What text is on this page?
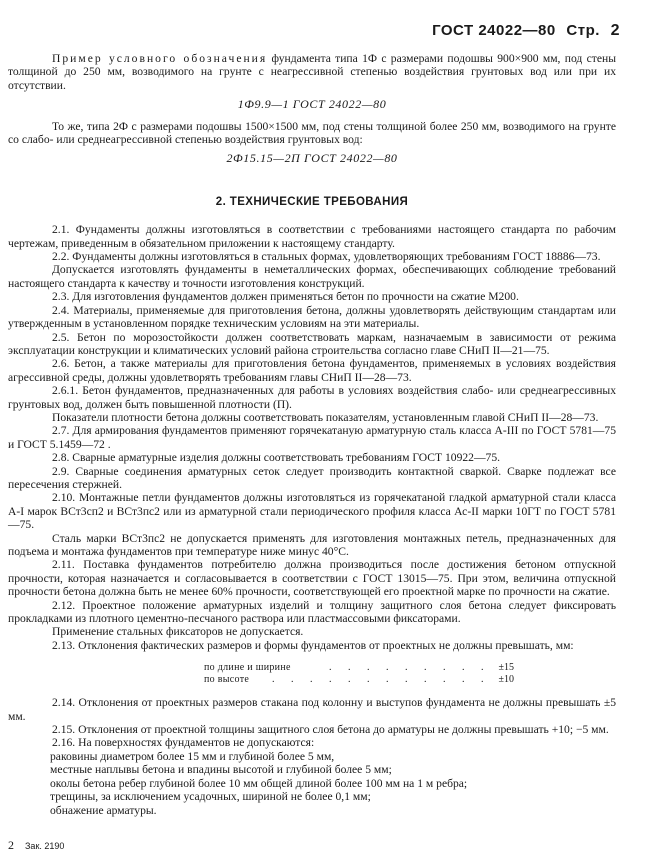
ГОСТ 24022—80 Стр. 2

Пример условного обозначения фундамента типа 1Ф с размерами подошвы 900×900 мм, под стены толщиной до 250 мм, возводимого на грунте с неагрессивной степенью воздействия грунтовых вод или при их отсутствии.

1Ф9.9—1 ГОСТ 24022—80

То же, типа 2Ф с размерами подошвы 1500×1500 мм, под стены толщиной более 250 мм, возводимого на грунте со слабо- или среднеагрессивной степенью воздействия грунтовых вод:

2Ф15.15—2П ГОСТ 24022—80
2. ТЕХНИЧЕСКИЕ ТРЕБОВАНИЯ

2.1. Фундаменты должны изготовляться в соответствии с требованиями настоящего стандарта по рабочим чертежам, приведенным в обязательном приложении к настоящему стандарту.

2.2. Фундаменты должны изготовляться в стальных формах, удовлетворяющих требованиям ГОСТ 18886—73.

Допускается изготовлять фундаменты в неметаллических формах, обеспечивающих соблюдение требований настоящего стандарта к качеству и точности изготовления конструкций.

2.3. Для изготовления фундаментов должен применяться бетон по прочности на сжатие М200.

2.4. Материалы, применяемые для приготовления бетона, должны удовлетворять действующим стандартам или утвержденным в установленном порядке техническим условиям на эти материалы.

2.5. Бетон по морозостойкости должен соответствовать маркам, назначаемым в зависимости от режима эксплуатации конструкции и климатических условий района строительства согласно главе СНиП II—21—75.

2.6. Бетон, а также материалы для приготовления бетона фундаментов, применяемых в условиях воздействия агрессивной среды, должны удовлетворять требованиям главы СНиП II—28—73.

2.6.1. Бетон фундаментов, предназначенных для работы в условиях воздействия слабо- или среднеагрессивных грунтовых вод, должен быть повышенной плотности (П).

Показатели плотности бетона должны соответствовать показателям, установленным главой СНиП II—28—73.

2.7. Для армирования фундаментов применяют горячекатаную арматурную сталь класса А-III по ГОСТ 5781—75 и ГОСТ 5.1459—72 .

2.8. Сварные арматурные изделия должны соответствовать требованиям ГОСТ 10922—75.

2.9. Сварные соединения арматурных сеток следует производить контактной сваркой. Сварке подлежат все пересечения стержней.

2.10. Монтажные петли фундаментов должны изготовляться из горячекатаной гладкой арматурной стали класса А-I марок ВСт3сп2 и ВСт3пс2 или из арматурной стали периодического профиля класса Ас-II марки 10ГТ по ГОСТ 5781—75.

Сталь марки ВСт3пс2 не допускается применять для изготовления монтажных петель, предназначенных для подъема и монтажа фундаментов при температуре ниже минус 40°С.

2.11. Поставка фундаментов потребителю должна производиться после достижения бетоном отпускной прочности, которая назначается и согласовывается в соответствии с ГОСТ 13015—75. При этом, величина отпускной прочности бетона должна быть не менее 60% прочности, соответствующей его проектной марке по прочности на сжатие.

2.12. Проектное положение арматурных изделий и толщину защитного слоя бетона следует фиксировать прокладками из плотного цементно-песчаного раствора или пластмассовыми фиксаторами.

Применение стальных фиксаторов не допускается.

2.13. Отклонения фактических размеров и формы фундаментов от проектных не должны превышать, мм:

по длине и ширине	. . . . . . . . . ±15
по высоте	. . . . . . . . . . . . ±10

2.14. Отклонения от проектных размеров стакана под колонну и выступов фундамента не должны превышать ±5 мм.

2.15. Отклонения от проектной толщины защитного слоя бетона до арматуры не должны превышать +10; −5 мм.

2.16. На поверхностях фундаментов не допускаются:

раковины диаметром более 15 мм и глубиной более 5 мм,

местные наплывы бетона и впадины высотой и глубиной более 5 мм;

околы бетона ребер глубиной более 10 мм общей длиной более 100 мм на 1 м ребра;

трещины, за исключением усадочных, шириной не более 0,1 мм;

обнажение арматуры.

2 Зак. 2190
